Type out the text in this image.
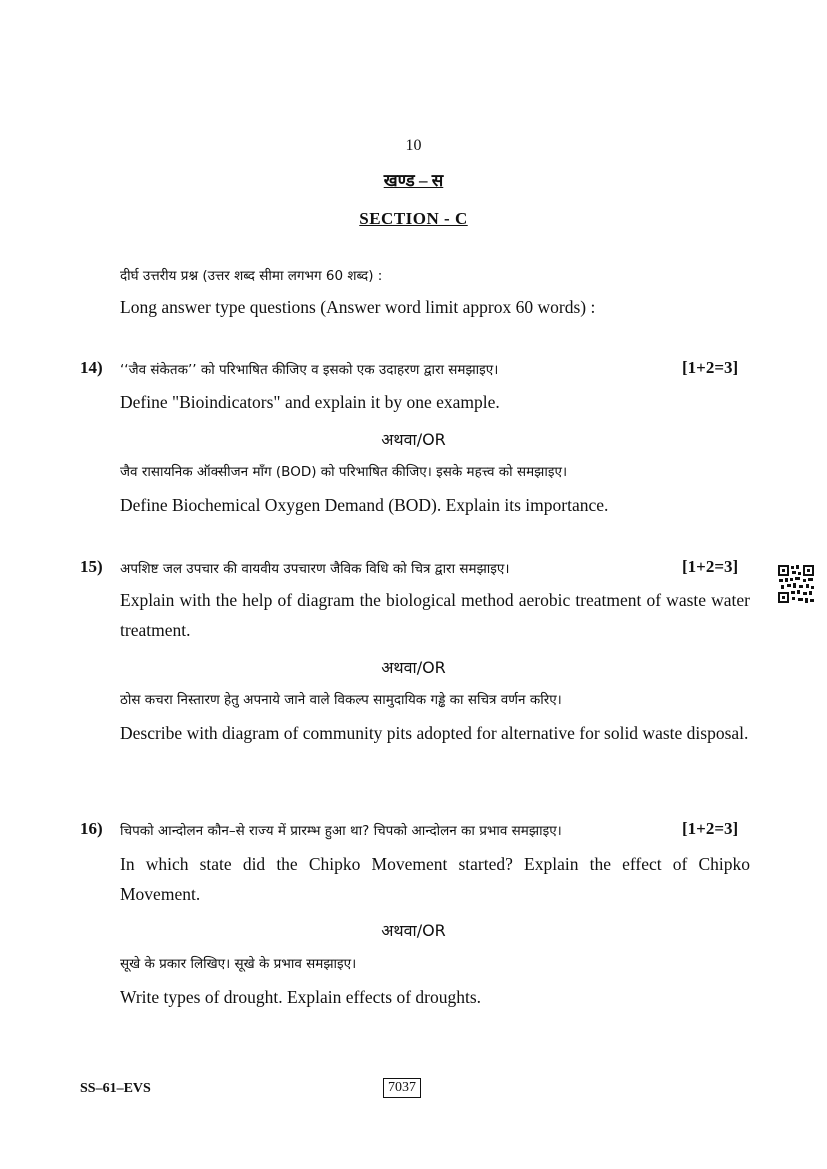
10
खण्ड – स
SECTION - C
दीर्घ उत्तरीय प्रश्न (उत्तर शब्द सीमा लगभग 60 शब्द) :
Long answer type questions (Answer word limit approx 60 words) :
14) ‘‘जैव संकेतक’’ को परिभाषित कीजिए व इसको एक उदाहरण द्वारा समझाइए।	[1+2=3]
Define "Bioindicators" and explain it by one example.
अथवा/OR
जैव रासायनिक ऑक्सीजन माँग (BOD) को परिभाषित कीजिए। इसके महत्त्व को समझाइए।
Define Biochemical Oxygen Demand (BOD). Explain its importance.
15) अपशिष्ट जल उपचार की वायवीय उपचारण जैविक विधि को चित्र द्वारा समझाइए।	[1+2=3]
Explain with the help of diagram the biological method aerobic treatment of waste water treatment.
अथवा/OR
ठोस कचरा निस्तारण हेतु अपनाये जाने वाले विकल्प सामुदायिक गड्ढे का सचित्र वर्णन करिए।
Describe with diagram of community pits adopted for alternative for solid waste disposal.
16) चिपको आन्दोलन कौन–से राज्य में प्रारम्भ हुआ था? चिपको आन्दोलन का प्रभाव समझाइए।	[1+2=3]
In which state did the Chipko Movement started? Explain the effect of Chipko Movement.
अथवा/OR
सूखे के प्रकार लिखिए। सूखे के प्रभाव समझाइए।
Write types of drought. Explain effects of droughts.
SS–61–EVS	7037
